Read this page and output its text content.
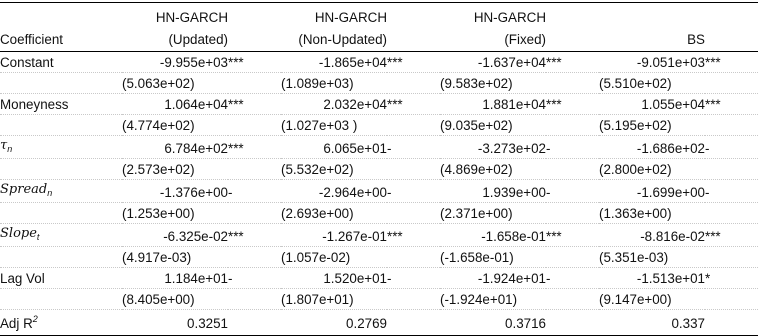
	HN-GARCH		HN-GARCH		HN-GARCH			
Coefficient	(Updated)		(Non-Updated)		(Fixed)		BS	
Constant	-9.955e+03	***	-1.865e+04	***	-1.637e+04	***	-9.051e+03	***
	(5.063e+02)		(1.089e+03)		(9.583e+02)		(5.510e+02)	
Moneyness	1.064e+04	***	2.032e+04	***	1.881e+04	***	1.055e+04	***
	(4.774e+02)		(1.027e+03 )		(9.035e+02)		(5.195e+02)	
$\tau_n$	6.784e+02	***	6.065e+01	-	-3.273e+02	-	-1.686e+02	-
	(2.573e+02)		(5.532e+02)		(4.869e+02)		(2.800e+02)	
Spread$_n$	-1.376e+00	-	-2.964e+00	-	1.939e+00	-	-1.699e+00	-
	(1.253e+00)		(2.693e+00)		(2.371e+00)		(1.363e+00)	
Slope$_t$	-6.325e-02	***	-1.267e-01	***	-1.658e-01	***	-8.816e-02	***
	(4.917e-03)		(1.057e-02)		(-1.658e-01)		(5.351e-03)	
Lag Vol	1.184e+01	-	1.520e+01	-	-1.924e+01	-	-1.513e+01	*
	(8.405e+00)		(1.807e+01)		(-1.924e+01)		(9.147e+00)	
Adj $R^2$	0.3251		0.2769		0.3716		0.337	
